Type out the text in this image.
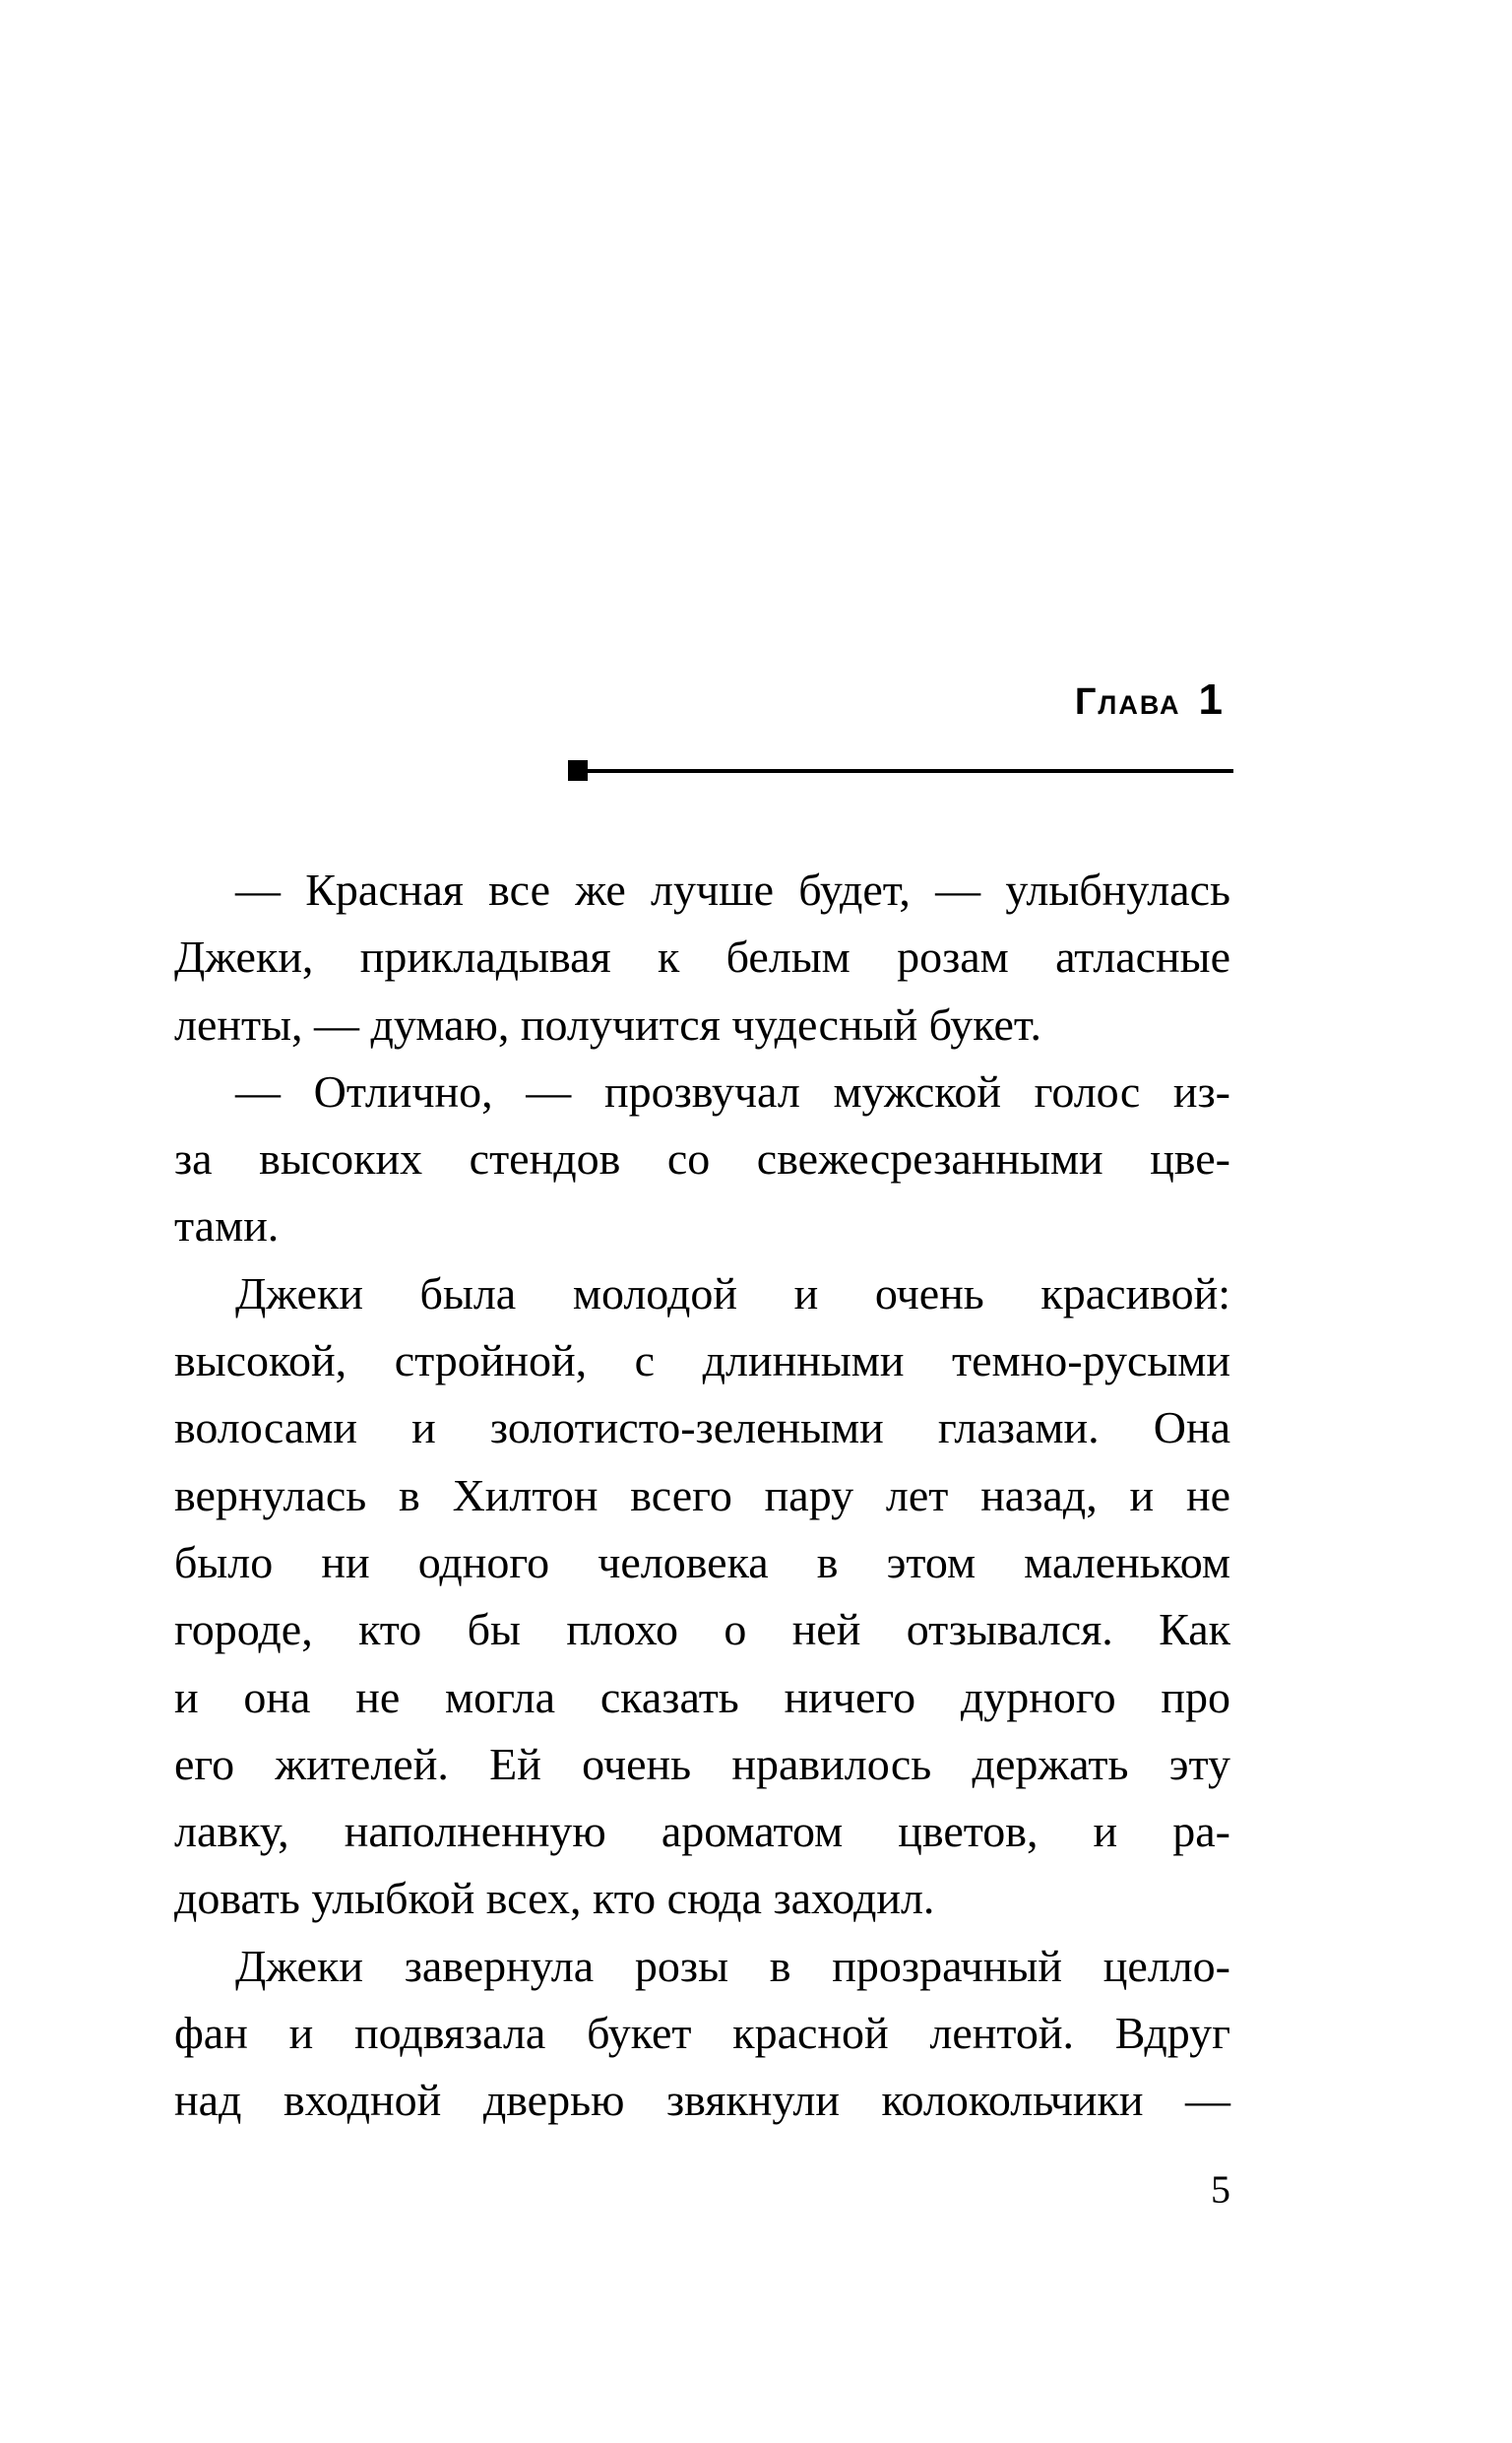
Глава 1
— Красная все же лучше будет, — улыбнулась
Джеки, прикладывая к белым розам атласные
ленты, — думаю, получится чудесный букет.
— Отлично, — прозвучал мужской голос из-
за высоких стендов со свежесрезанными цве-
тами.
Джеки была молодой и очень красивой:
высокой, стройной, с длинными темно-русыми
волосами и золотисто-зелеными глазами. Она
вернулась в Хилтон всего пару лет назад, и не
было ни одного человека в этом маленьком
городе, кто бы плохо о ней отзывался. Как
и она не могла сказать ничего дурного про
его жителей. Ей очень нравилось держать эту
лавку, наполненную ароматом цветов, и ра-
довать улыбкой всех, кто сюда заходил.
Джеки завернула розы в прозрачный целло-
фан и подвязала букет красной лентой. Вдруг
над входной дверью звякнули колокольчики —
5
